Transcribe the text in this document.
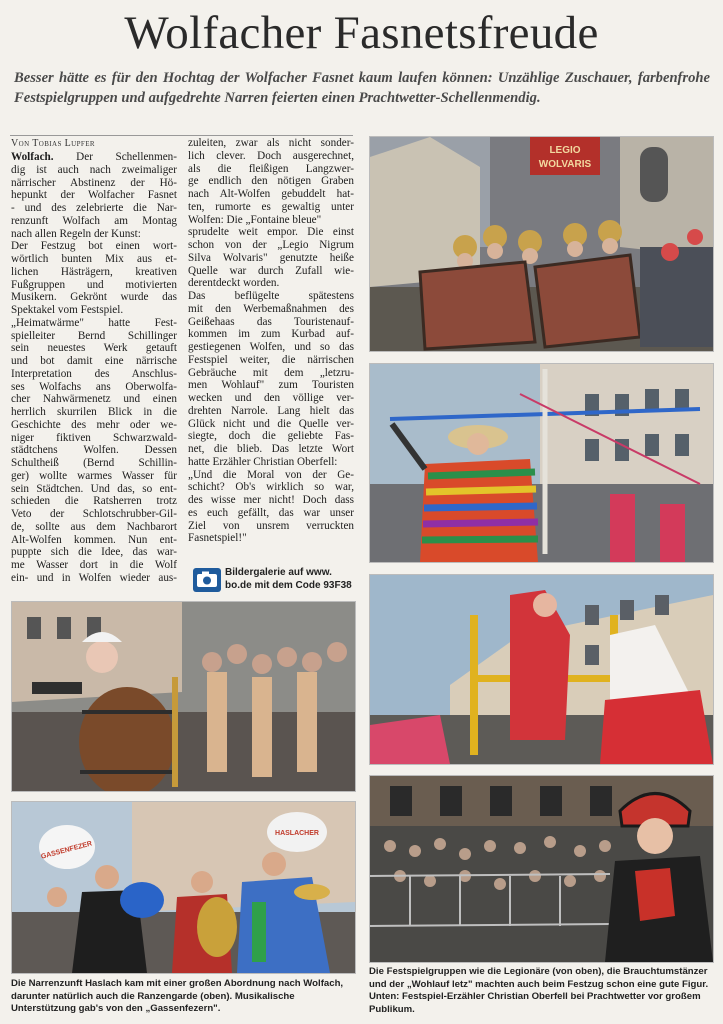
Wolfacher Fasnetsfreude
Besser hätte es für den Hochtag der Wolfacher Fasnet kaum laufen können: Unzählige Zuschauer, farbenfrohe Festspielgruppen und aufgedrehte Narren feierten einen Prachtwetter-Schellenmendig.
Von Tobias Lupfer
Wolfach. Der Schellenmen-
dig ist auch nach zweimaliger
närrischer Abstinenz der Hö-
hepunkt der Wolfacher Fasnet
- und des zelebrierte die Nar-
renzunft Wolfach am Montag
nach allen Regeln der Kunst:
Der Festzug bot einen wort-
wörtlich bunten Mix aus et-
lichen Hästrägern, kreativen
Fußgruppen und motivierten
Musikern. Gekrönt wurde das
Spektakel vom Festspiel.
„Heimatwärme" hatte Fest-
spielleiter Bernd Schillinger
sein neuestes Werk getauft
und bot damit eine närrische
Interpretation des Anschlus-
ses Wolfachs ans Oberwolfa-
cher Nahwärmenetz und einen
herrlich skurrilen Blick in die
Geschichte des mehr oder we-
niger fiktiven Schwarzwald-
städtchens Wolfen. Dessen
Schultheiß (Bernd Schillin-
ger) wollte warmes Wasser für
sein Städtchen. Und das, so ent-
schieden die Ratsherren trotz
Veto der Schlotschrubber-Gil-
de, sollte aus dem Nachbarort
Alt-Wolfen kommen. Nun ent-
puppte sich die Idee, das war-
me Wasser dort in die Wolf
ein- und in Wolfen wieder aus-
zuleiten, zwar als nicht sonder-
lich clever. Doch ausgerechnet,
als die fleißigen Langzwer-
ge endlich den nötigen Graben
nach Alt-Wolfen gebuddelt hat-
ten, rumorte es gewaltig unter
Wolfen: Die „Fontaine bleue"
sprudelte weit empor. Die einst
schon von der „Legio Nigrum
Silva Wolvaris" genutzte heiße
Quelle war durch Zufall wie-
derentdeckt worden.
Das beflügelte spätestens
mit den Werbemaßnahmen des
Geißehaas das Touristenauf-
kommen im zum Kurbad auf-
gestiegenen Wolfen, und so das
Festspiel weiter, die närrischen
Gebräuche mit dem „letzru-
men Wohlauf" zum Touristen
wecken und den völlige ver-
drehten Narrole. Lang hielt das
Glück nicht und die Quelle ver-
siegte, doch die geliebte Fas-
net, die blieb. Das letzte Wort
hatte Erzähler Christian Oberfell:
„Und die Moral von der Ge-
schicht? Ob's wirklich so war,
des wisse mer nicht! Doch dass
es euch gefällt, das war unser
Ziel von unsrem verruckten
Fasnetspiel!"
Bildergalerie auf www.
bo.de mit dem Code 93F38
LEGIO
WOLVARIS
GASSENFEZER
HASLACHER
Die Narrenzunft Haslach kam mit einer großen Abordnung nach Wolfach, darunter natürlich auch die Ranzengarde (oben). Musikalische Unterstützung gab's von den „Gassenfezern".
Die Festspielgruppen wie die Legionäre (von oben), die Brauchtumstänzer und der „Wohlauf letz" machten auch beim Festzug schon eine gute Figur. Unten: Festspiel-Erzähler Christian Oberfell bei Prachtwetter vor großem Publikum.
